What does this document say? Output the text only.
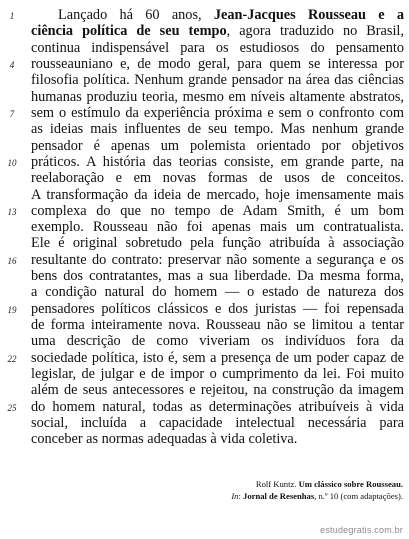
Lançado há 60 anos, Jean-Jacques Rousseau e a
ciência política de seu tempo, agora traduzido no Brasil,
continua indispensável para os estudiosos do pensamento
rousseauniano e, de modo geral, para quem se interessa por
filosofia política. Nenhum grande pensador na área das ciências
humanas produziu teoria, mesmo em níveis altamente abstratos,
sem o estímulo da experiência próxima e sem o confronto com
as ideias mais influentes de seu tempo. Mas nenhum grande
pensador é apenas um polemista orientado por objetivos
práticos. A história das teorias consiste, em grande parte, na
reelaboração e em novas formas de usos de conceitos.
A transformação da ideia de mercado, hoje imensamente mais
complexa do que no tempo de Adam Smith, é um bom
exemplo. Rousseau não foi apenas mais um contratualista.
Ele é original sobretudo pela função atribuída à associação
resultante do contrato: preservar não somente a segurança e os
bens dos contratantes, mas a sua liberdade. Da mesma forma,
a condição natural do homem — o estado de natureza dos
pensadores políticos clássicos e dos juristas — foi repensada
de forma inteiramente nova. Rousseau não se limitou a tentar
uma descrição de como viveriam os indivíduos fora da
sociedade política, isto é, sem a presença de um poder capaz de
legislar, de julgar e de impor o cumprimento da lei. Foi muito
além de seus antecessores e rejeitou, na construção da imagem
do homem natural, todas as determinações atribuíveis à vida
social, incluída a capacidade intelectual necessária para
conceber as normas adequadas à vida coletiva.
1
4
7
10
13
16
19
22
25
Rolf Kuntz. Um clássico sobre Rousseau.
In: Jornal de Resenhas, n.º 10 (com adaptações).
estudegratis.com.br
